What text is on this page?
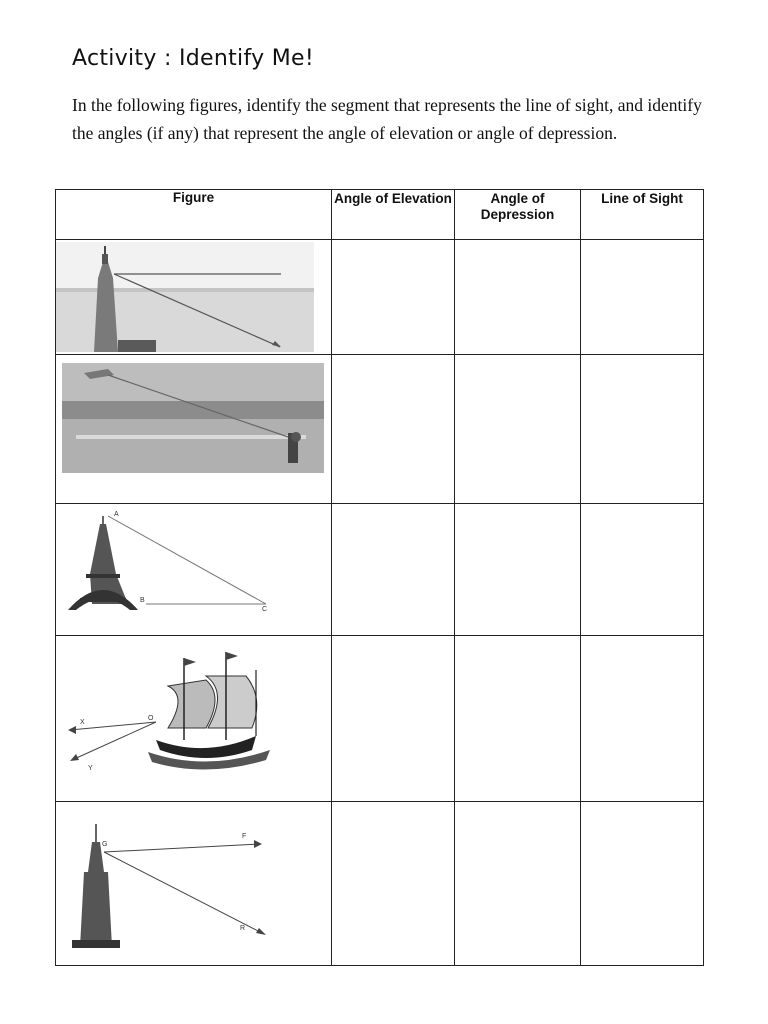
Activity : Identify Me!
In the following figures, identify the segment that represents the line of sight, and identify the angles (if any) that represent the angle of elevation or angle of depression.
Figure	Angle of Elevation	Angle of Depression	Line of Sight

A
B
C			

X
Y
O			

G
F
R			
